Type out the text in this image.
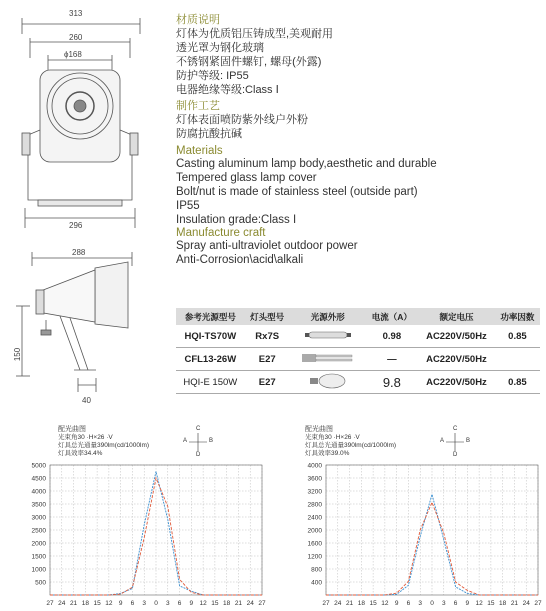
313
260
ϕ168
296
288
150
40
材质说明
灯体为优质铝压铸成型,美观耐用
透光罩为钢化玻璃
不锈钢紧固件螺钉, 螺母(外露)
防护等级: IP55
电器绝缘等级:Class Ⅰ
制作工艺
灯体表面喷防紫外线户外粉
防腐抗酸抗碱
Materials
Casting aluminum lamp body,aesthetic and durable
Tempered glass lamp cover
Bolt/nut is made of stainless steel (outside part)
IP55
Insulation grade:Class I
Manufacture craft
Spray anti-ultraviolet outdoor power
Anti-Corrosion\acid\alkali
参考光源型号	灯头型号	光源外形	电流（A）	额定电压	功率因数
HQI-TS70W	Rx7S		0.98	AC220V/50Hz	0.85
CFL13-26W	E27		—	AC220V/50Hz	
HQI-E 150W	E27		9.8	AC220V/50Hz	0.85
配光曲图
光束角30 ·H×26 ·V
灯具总光通量390lm(cd/1000lm)
灯具效率34.4%
C
A	B
D
5000
4500
4000
3500
3000
2500
2000
1500
1000
500
27 24 21 18 15 12 9 6 3 0 3 6 9 12 15 18 21 24 27
配光曲图
光束角30 ·H×26 ·V
灯具总光通量390lm(cd/1000lm)
灯具效率39.0%
C
A	B
D
4000
3600
3200
2800
2400
2000
1600
1200
800
400
27 24 21 18 15 12 9 6 3 0 3 6 9 12 15 18 21 24 27
